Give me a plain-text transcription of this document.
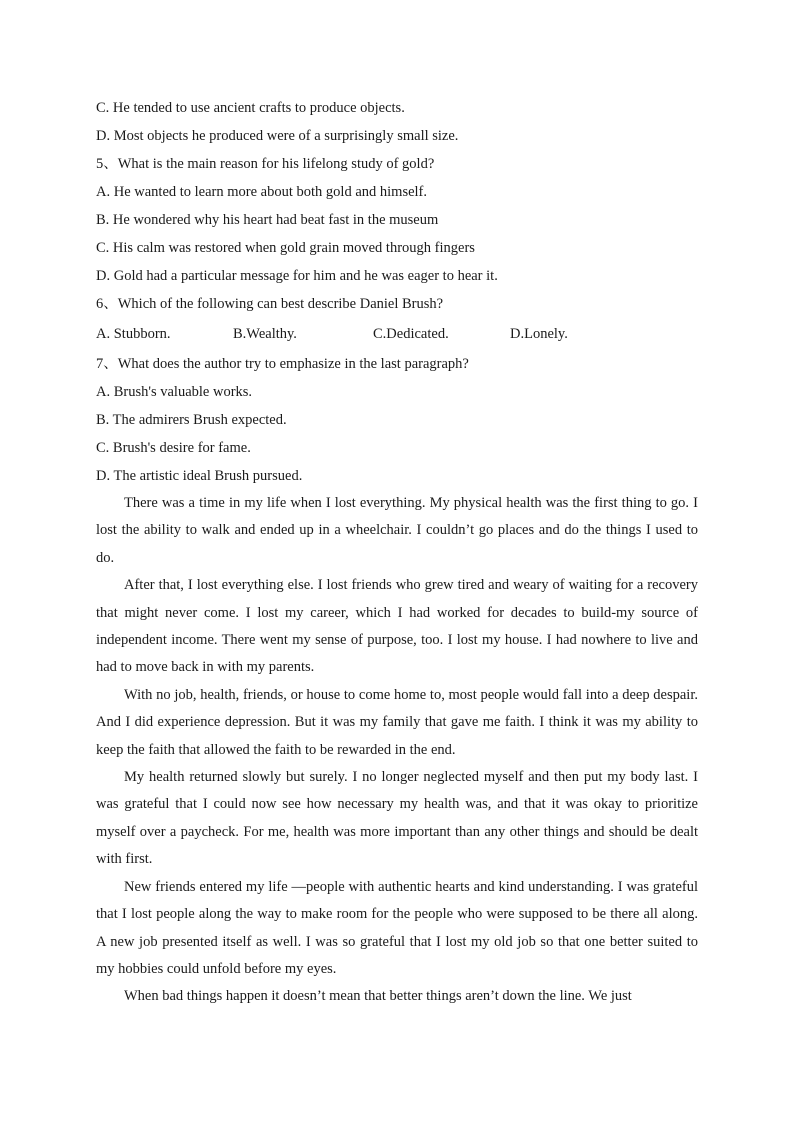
C. He tended to use ancient crafts to produce objects.
D. Most objects he produced were of a surprisingly small size.
5、What is the main reason for his lifelong study of gold?
A. He wanted to learn more about both gold and himself.
B. He wondered why his heart had beat fast in the museum
C. His calm was restored when gold grain moved through fingers
D. Gold had a particular message for him and he was eager to hear it.
6、Which of the following can best describe Daniel Brush?
A. Stubborn.	B.Wealthy.	C.Dedicated.	D.Lonely.
7、What does the author try to emphasize in the last paragraph?
A. Brush's valuable works.
B. The admirers Brush expected.
C. Brush's desire for fame.
D. The artistic ideal Brush pursued.

There was a time in my life when I lost everything. My physical health was the first thing to go. I lost the ability to walk and ended up in a wheelchair. I couldn’t go places and do the things I used to do.

After that, I lost everything else. I lost friends who grew tired and weary of waiting for a recovery that might never come. I lost my career, which I had worked for decades to build-my source of independent income. There went my sense of purpose, too. I lost my house. I had nowhere to live and had to move back in with my parents.

With no job, health, friends, or house to come home to, most people would fall into a deep despair. And I did experience depression. But it was my family that gave me faith. I think it was my ability to keep the faith that allowed the faith to be rewarded in the end.

My health returned slowly but surely. I no longer neglected myself and then put my body last. I was grateful that I could now see how necessary my health was, and that it was okay to prioritize myself over a paycheck. For me, health was more important than any other things and should be dealt with first.

New friends entered my life —people with authentic hearts and kind understanding. I was grateful that I lost people along the way to make room for the people who were supposed to be there all along. A new job presented itself as well. I was so grateful that I lost my old job so that one better suited to my hobbies could unfold before my eyes.

When bad things happen it doesn’t mean that better things aren’t down the line. We just
